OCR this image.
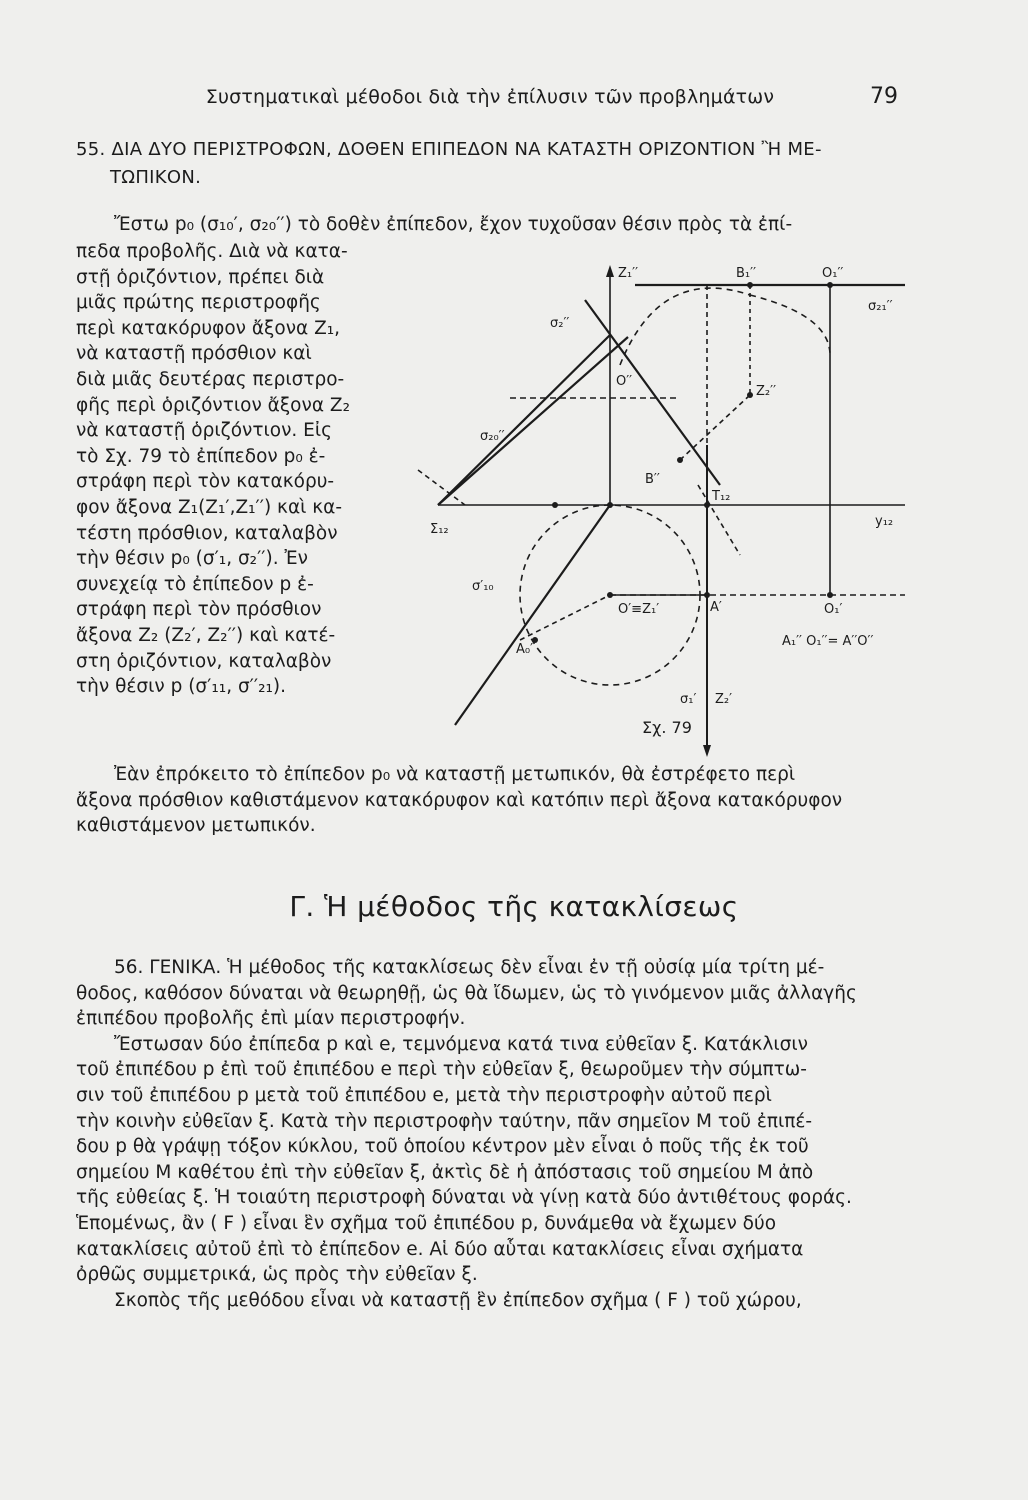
Συστηματικαὶ μέθοδοι διὰ τὴν ἐπίλυσιν τῶν προβλημάτων	79
55. ΔΙΑ ΔΥΟ ΠΕΡΙΣΤΡΟΦΩΝ, ΔΟΘΕΝ ΕΠΙΠΕΔΟΝ ΝΑ ΚΑΤΑΣΤΗ ΟΡΙΖΟΝΤΙΟΝ Ἢ ΜΕ-
ΤΩΠΙΚΟΝ.
Ἔστω p₀ (σ₁₀′, σ₂₀′′) τὸ δοθὲν ἐπίπεδον, ἔχον τυχοῦσαν θέσιν πρὸς τὰ ἐπί-
πεδα προβολῆς. Διὰ νὰ κατα-
στῇ ὁριζόντιον, πρέπει διὰ
μιᾶς πρώτης περιστροφῆς
περὶ κατακόρυφον ἄξονα Z₁,
νὰ καταστῇ πρόσθιον καὶ
διὰ μιᾶς δευτέρας περιστρο-
φῆς περὶ ὁριζόντιον ἄξονα Z₂
νὰ καταστῇ ὁριζόντιον. Εἰς
τὸ Σχ. 79 τὸ ἐπίπεδον p₀ ἐ-
στράφη περὶ τὸν κατακόρυ-
φον ἄξονα Z₁(Z₁′,Z₁′′) καὶ κα-
τέστη πρόσθιον, καταλαβὸν
τὴν θέσιν p₀ (σ′₁, σ₂′′). Ἐν
συνεχείᾳ τὸ ἐπίπεδον p ἐ-
στράφη περὶ τὸν πρόσθιον
ἄξονα Z₂ (Z₂′, Z₂′′) καὶ κατέ-
στη ὁριζόντιον, καταλαβὸν
τὴν θέσιν p (σ′₁₁, σ′′₂₁).
Z₁′′	B₁′′	O₁′′
σ₂₁′′
σ₂′′
O′′
Z₂′′
σ₂₀′′
B′′
T₁₂
Σ₁₂
y₁₂
σ′₁₀
O′≡Z₁′	A′	O₁′
A₀′
A₁′′ O₁′′= A′′O′′
σ₁′ Z₂′
Σχ. 79
Ἐὰν ἐπρόκειτο τὸ ἐπίπεδον p₀ νὰ καταστῇ μετωπικόν, θὰ ἐστρέφετο περὶ
ἄξονα πρόσθιον καθιστάμενον κατακόρυφον καὶ κατόπιν περὶ ἄξονα κατακόρυφον
καθιστάμενον μετωπικόν.
Γ. Ἡ μέθοδος τῆς κατακλίσεως
56. ΓΕΝΙΚΑ. Ἡ μέθοδος τῆς κατακλίσεως δὲν εἶναι ἐν τῇ οὐσίᾳ μία τρίτη μέ-
θοδος, καθόσον δύναται νὰ θεωρηθῇ, ὡς θὰ ἴδωμεν, ὡς τὸ γινόμενον μιᾶς ἀλλαγῆς
ἐπιπέδου προβολῆς ἐπὶ μίαν περιστροφήν.
Ἔστωσαν δύο ἐπίπεδα p καὶ e, τεμνόμενα κατά τινα εὐθεῖαν ξ. Κατάκλισιν
τοῦ ἐπιπέδου p ἐπὶ τοῦ ἐπιπέδου e περὶ τὴν εὐθεῖαν ξ, θεωροῦμεν τὴν σύμπτω-
σιν τοῦ ἐπιπέδου p μετὰ τοῦ ἐπιπέδου e, μετὰ τὴν περιστροφὴν αὐτοῦ περὶ
τὴν κοινὴν εὐθεῖαν ξ. Κατὰ τὴν περιστροφὴν ταύτην, πᾶν σημεῖον M τοῦ ἐπιπέ-
δου p θὰ γράψῃ τόξον κύκλου, τοῦ ὁποίου κέντρον μὲν εἶναι ὁ ποῦς τῆς ἐκ τοῦ
σημείου M καθέτου ἐπὶ τὴν εὐθεῖαν ξ, ἀκτὶς δὲ ἡ ἀπόστασις τοῦ σημείου M ἀπὸ
τῆς εὐθείας ξ. Ἡ τοιαύτη περιστροφὴ δύναται νὰ γίνῃ κατὰ δύο ἀντιθέτους φοράς.
Ἑπομένως, ἂν ( F ) εἶναι ἓν σχῆμα τοῦ ἐπιπέδου p, δυνάμεθα νὰ ἔχωμεν δύο
κατακλίσεις αὐτοῦ ἐπὶ τὸ ἐπίπεδον e. Αἱ δύο αὗται κατακλίσεις εἶναι σχήματα
ὀρθῶς συμμετρικά, ὡς πρὸς τὴν εὐθεῖαν ξ.
Σκοπὸς τῆς μεθόδου εἶναι νὰ καταστῇ ἓν ἐπίπεδον σχῆμα ( F ) τοῦ χώρου,
